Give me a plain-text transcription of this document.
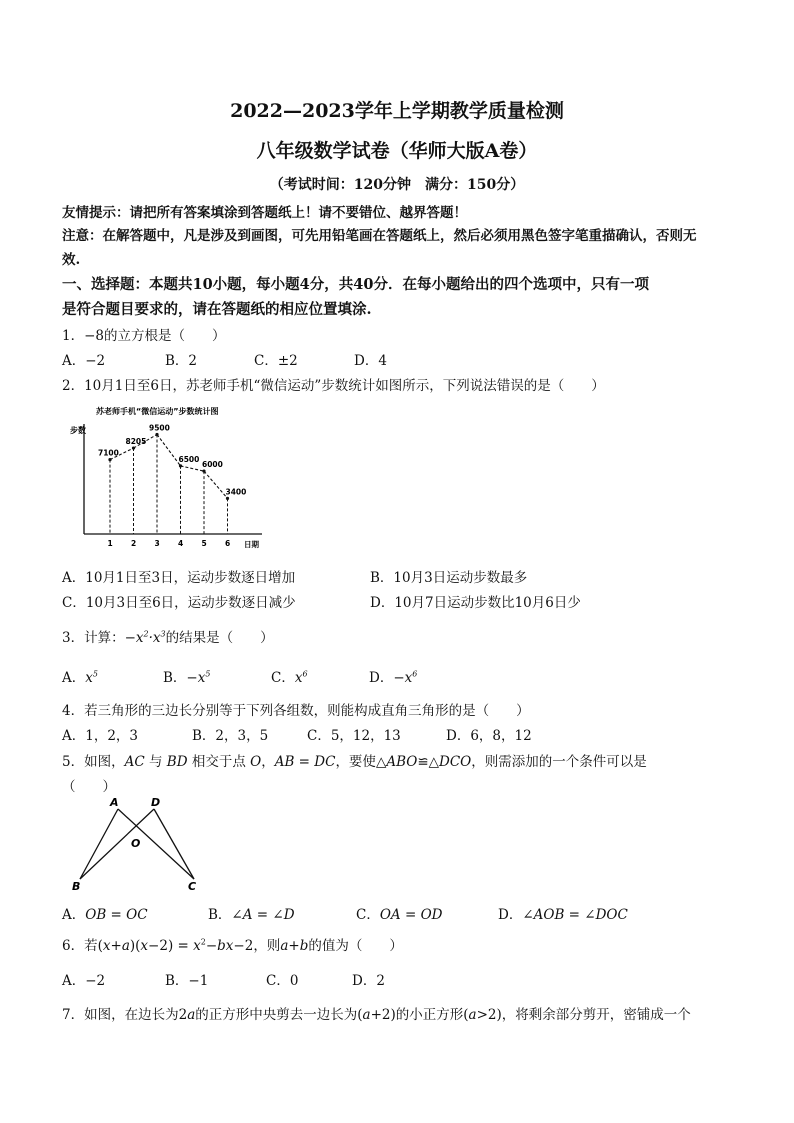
2022—2023学年上学期教学质量检测
八年级数学试卷（华师大版A卷）
（考试时间：120分钟　满分：150分）
友情提示：请把所有答案填涂到答题纸上！请不要错位、越界答题！
注意：在解答题中，凡是涉及到画图，可先用铅笔画在答题纸上，然后必须用黑色签字笔重描确认，否则无
效.
一、选择题：本题共10小题，每小题4分，共40分．在每小题给出的四个选项中，只有一项
是符合题目要求的，请在答题纸的相应位置填涂.
1．−8的立方根是（　　）
A．−2	B．2	C．±2	D．4
2．10月1日至6日，苏老师手机“微信运动”步数统计如图所示，下列说法错误的是（　　）
苏老师手机“微信运动”步数统计图
步数
日期
7100
1
8205
2
9500
3
6500
4
6000
5
3400
6
A．10月1日至3日，运动步数逐日增加	B．10月3日运动步数最多
C．10月3日至6日，运动步数逐日减少	D．10月7日运动步数比10月6日少
3．计算：$-x^2\cdot x^3$的结果是（　　）
A．$x^5$	B．$-x^5$	C．$x^6$	D．$-x^6$
4．若三角形的三边长分别等于下列各组数，则能构成直角三角形的是（　　）
A．1，2，3	B．2，3，5	C．5，12，13	D．6，8，12
5．如图，AC 与 BD 相交于点 O，AB = DC，要使△ABO≌△DCO，则需添加的一个条件可以是
（　　）
A	D
O
B	C
A．OB = OC	B．∠A = ∠D	C．OA = OD	D．∠AOB = ∠DOC
6．若$(x+a)(x-2) = x^2-bx-2$，则a+b的值为（　　）
A．−2	B．−1	C．0	D．2
7．如图，在边长为2a的正方形中央剪去一边长为(a+2)的小正方形(a>2)，将剩余部分剪开，密铺成一个
